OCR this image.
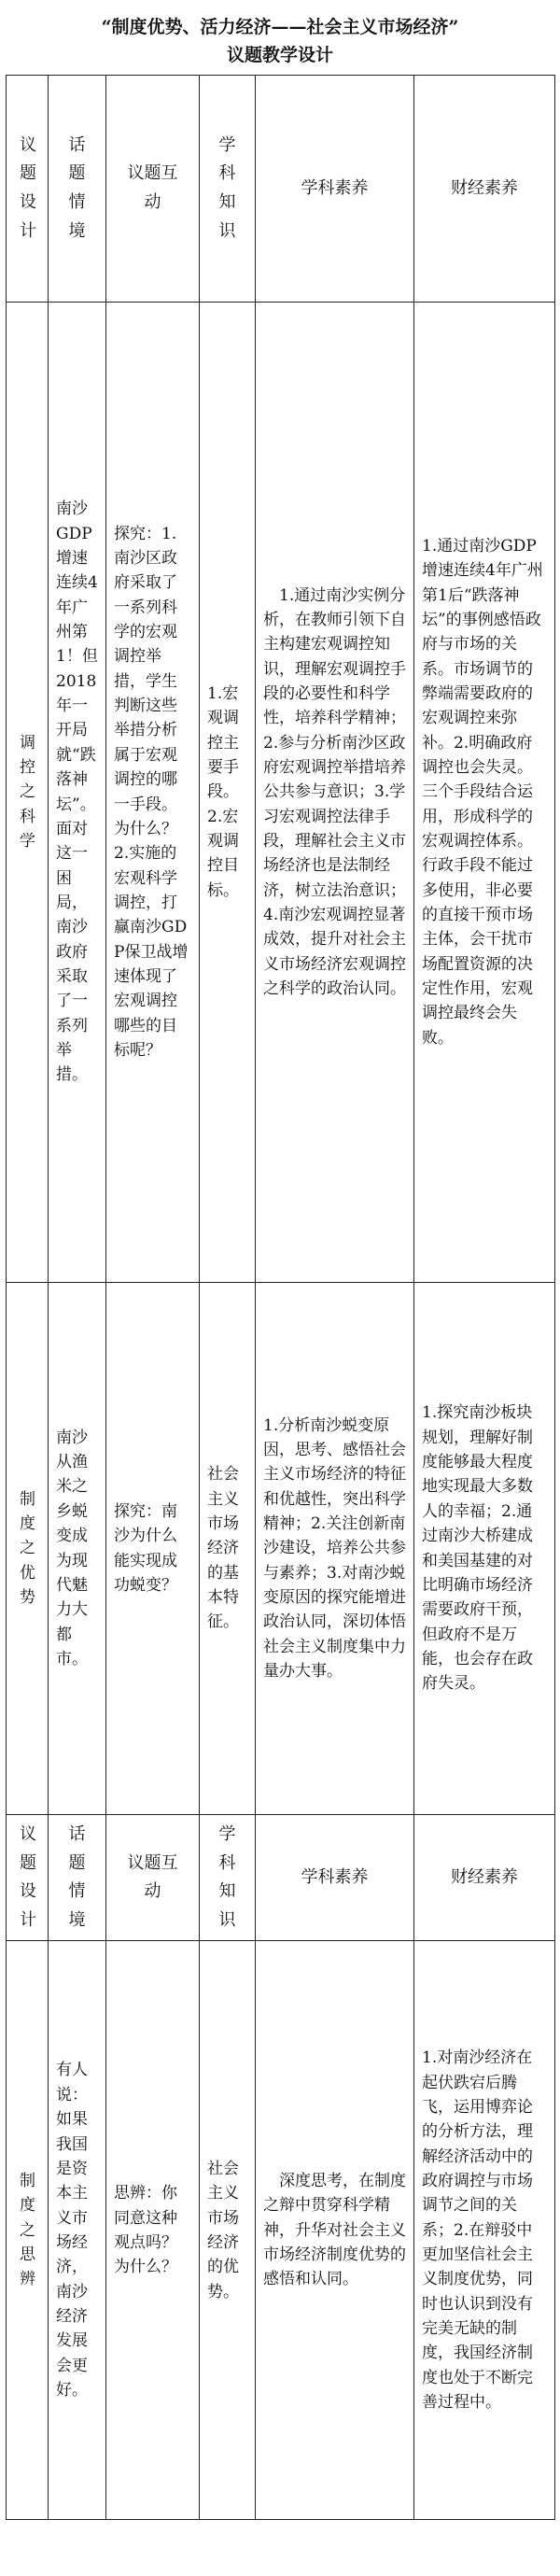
“制度优势、活力经济——社会主义市场经济”
议题教学设计
议题设计	话题情境	议题互动	学科知识	学科素养	财经素养
调控之科学	南沙GDP增速连续4年广州第1！但2018年一开局就“跌落神坛”。面对这一困局，南沙政府采取了一系列举措。	探究：1.南沙区政府采取了一系列科学的宏观调控举措，学生判断这些举措分析属于宏观调控的哪一手段。为什么？2.实施的宏观科学调控，打赢南沙GDP保卫战增速体现了宏观调控哪些的目标呢？	1.宏观调控主要手段。2.宏观调控目标。	1.通过南沙实例分析，在教师引领下自主构建宏观调控知识，理解宏观调控手段的必要性和科学性，培养科学精神；2.参与分析南沙区政府宏观调控举措培养公共参与意识；3.学习宏观调控法律手段，理解社会主义市场经济也是法制经济，树立法治意识；4.南沙宏观调控显著成效，提升对社会主义市场经济宏观调控之科学的政治认同。	1.通过南沙GDP增速连续4年广州第1后“跌落神坛”的事例感悟政府与市场的关系。市场调节的弊端需要政府的宏观调控来弥补。2.明确政府调控也会失灵。三个手段结合运用，形成科学的宏观调控体系。行政手段不能过多使用，非必要的直接干预市场主体，会干扰市场配置资源的决定性作用，宏观调控最终会失败。
制度之优势	南沙从渔米之乡蜕变成为现代魅力大都市。	探究：南沙为什么能实现成功蜕变？	社会主义市场经济的基本特征。	1.分析南沙蜕变原因，思考、感悟社会主义市场经济的特征和优越性，突出科学精神；2.关注创新南沙建设，培养公共参与素养；3.对南沙蜕变原因的探究能增进政治认同，深切体悟社会主义制度集中力量办大事。	1.探究南沙板块规划，理解好制度能够最大程度地实现最大多数人的幸福；2.通过南沙大桥建成和美国基建的对比明确市场经济需要政府干预，但政府不是万能，也会存在政府失灵。
议题设计	话题情境	议题互动	学科知识	学科素养	财经素养
制度之思辨	有人说：如果我国是资本主义市场经济，南沙经济发展会更好。	思辨：你同意这种观点吗？为什么？	社会主义市场经济的优势。	深度思考，在制度之辩中贯穿科学精神，升华对社会主义市场经济制度优势的感悟和认同。	1.对南沙经济在起伏跌宕后腾飞，运用博弈论的分析方法，理解经济活动中的政府调控与市场调节之间的关系；2.在辩驳中更加坚信社会主义制度优势，同时也认识到没有完美无缺的制度，我国经济制度也处于不断完善过程中。
